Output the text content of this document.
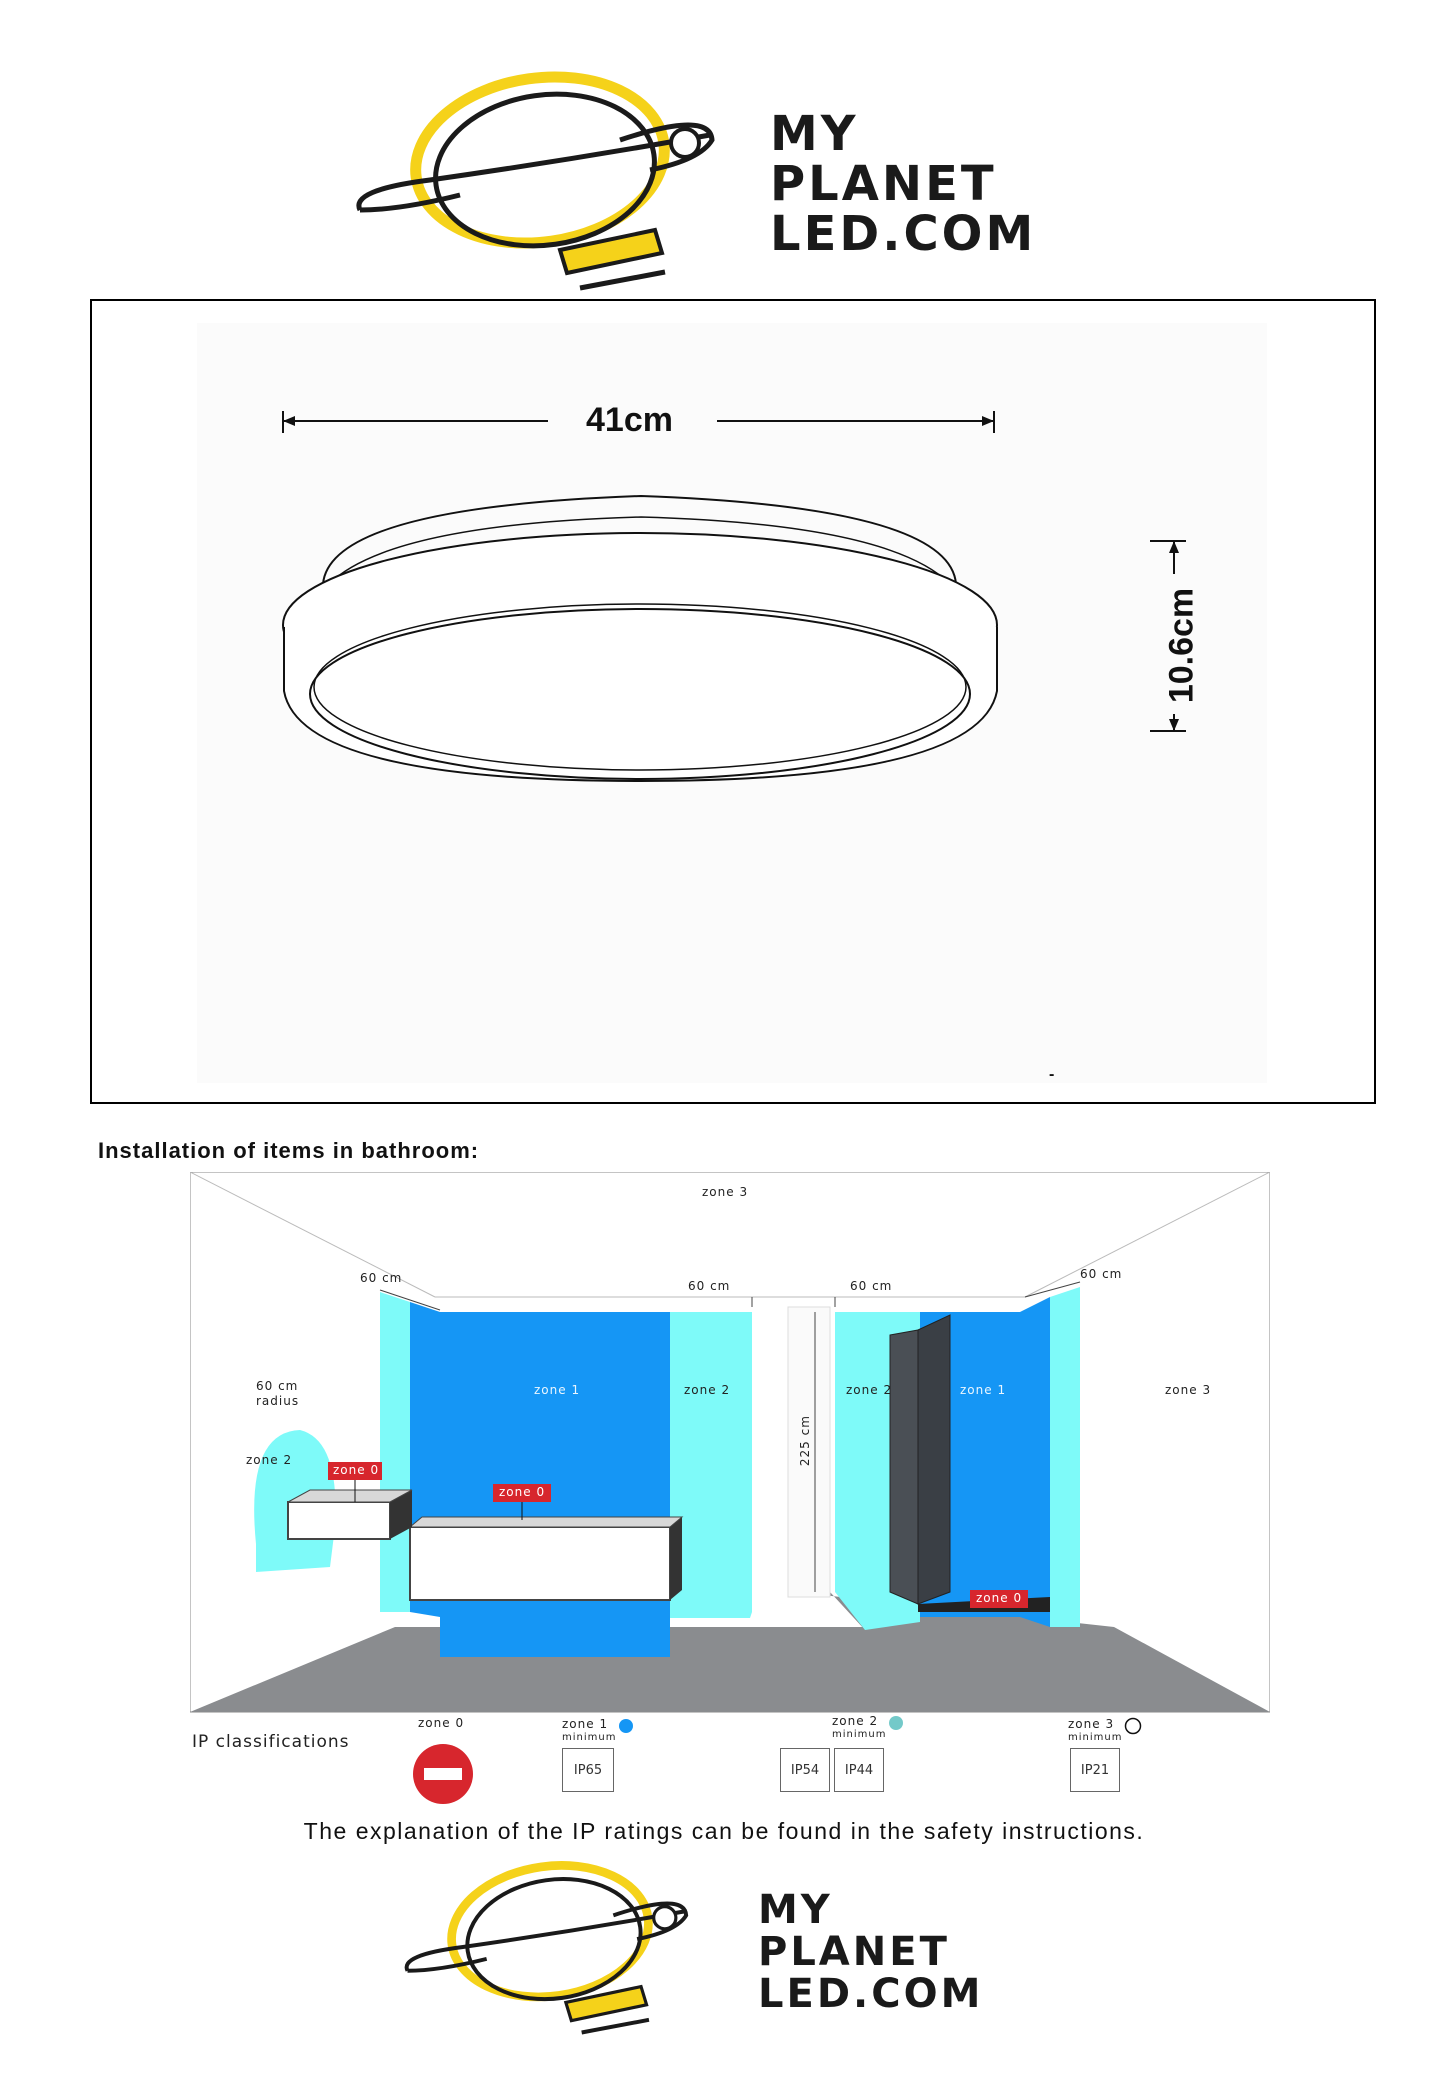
MY
PLANET
LED.COM
41cm
10.6cm
-
Installation of items in bathroom:
zone 3
zone 3
60 cm
60 cm	60 cm
60 cm
60 cm
radius
zone 2
zone 1	zone 2	zone 2	zone 1
225 cm
zone 0
zone 0
zone 0
IP classifications
zone 0	zone 1
minimum
IP65
zone 2
minimum
IP54	IP44
zone 3
minimum
IP21
The explanation of the IP ratings can be found in the safety instructions.
MY
PLANET
LED.COM
